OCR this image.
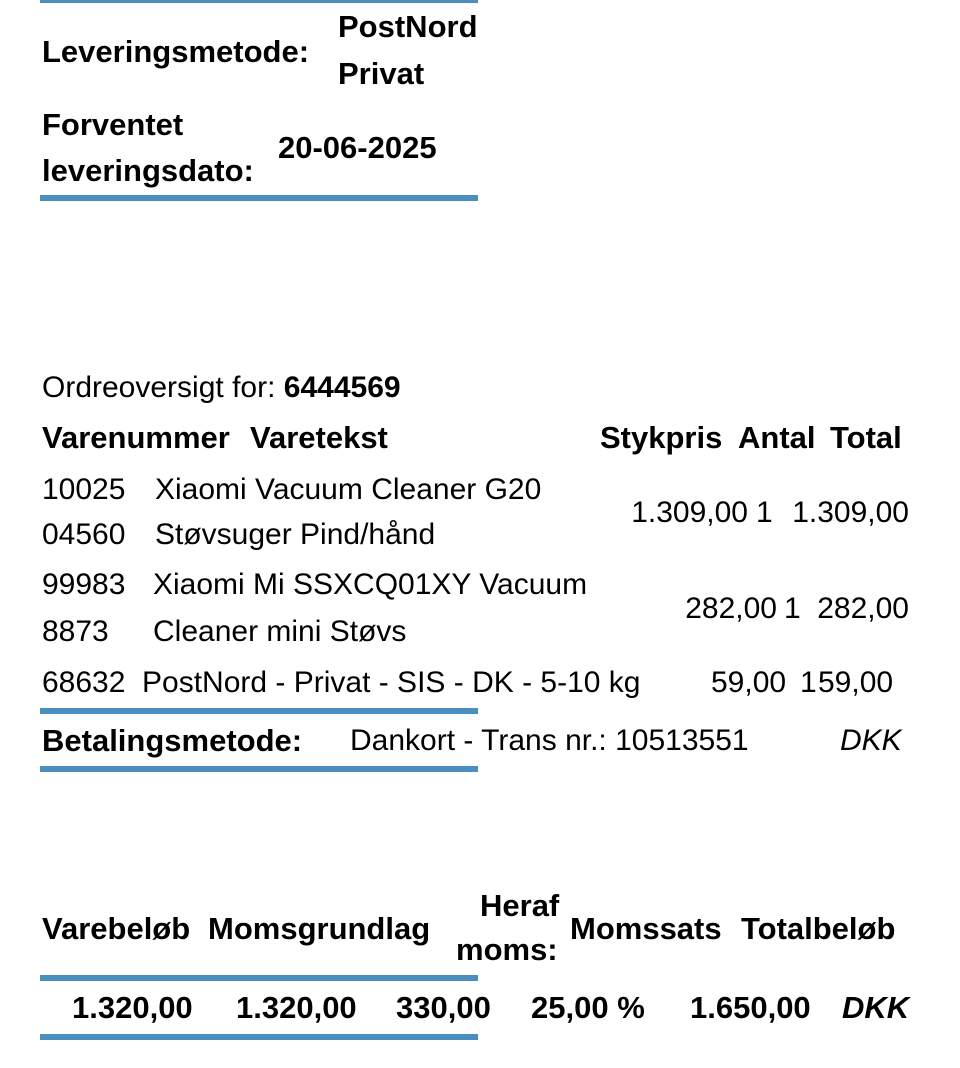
Leveringsmetode:
PostNord
Privat
Forventet
leveringsdato:
20-06-2025
Ordreoversigt for: 6444569
Varenummer Varetekst	Stykpris Antal Total
10025
04560
Xiaomi Vacuum Cleaner G20
Støvsuger Pind/hånd
1.309,00 1 1.309,00
99983
8873
Xiaomi Mi SSXCQ01XY Vacuum
Cleaner mini Støvs
282,00 1 282,00
68632 PostNord - Privat - SIS - DK - 5-10 kg 59,00 1 59,00
Betalingsmetode: Dankort - Trans nr.: 10513551	DKK
Varebeløb Momsgrundlag
Heraf
moms:
Momssats Totalbeløb
1.320,00 1.320,00 330,00 25,00 % 1.650,00 DKK
